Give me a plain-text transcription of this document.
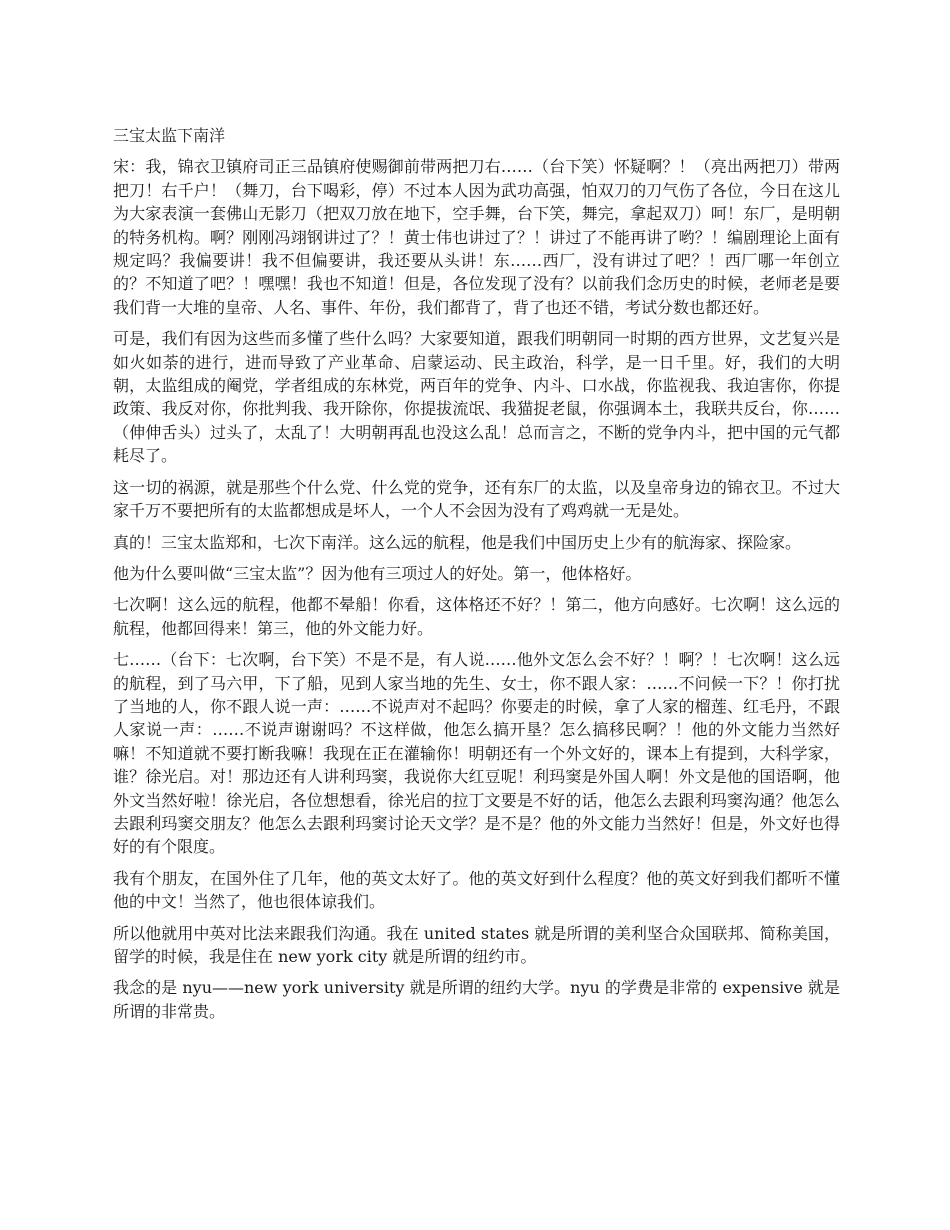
三宝太监下南洋

宋：我，锦衣卫镇府司正三品镇府使赐御前带两把刀右……（台下笑）怀疑啊？！（亮出两把刀）带两把刀！右千户！（舞刀，台下喝彩，停）不过本人因为武功高强，怕双刀的刀气伤了各位，今日在这儿为大家表演一套佛山无影刀（把双刀放在地下，空手舞，台下笑，舞完，拿起双刀）呵！东厂，是明朝的特务机构。啊？刚刚冯翊钢讲过了？！黄士伟也讲过了？！讲过了不能再讲了哟？！编剧理论上面有规定吗？我偏要讲！我不但偏要讲，我还要从头讲！东……西厂，没有讲过了吧？！西厂哪一年创立的？不知道了吧？！嘿嘿！我也不知道！但是，各位发现了没有？以前我们念历史的时候，老师老是要我们背一大堆的皇帝、人名、事件、年份，我们都背了，背了也还不错，考试分数也都还好。

可是，我们有因为这些而多懂了些什么吗？大家要知道，跟我们明朝同一时期的西方世界，文艺复兴是如火如荼的进行，进而导致了产业革命、启蒙运动、民主政治，科学，是一日千里。好，我们的大明朝，太监组成的阉党，学者组成的东林党，两百年的党争、内斗、口水战，你监视我、我迫害你，你提政策、我反对你，你批判我、我开除你，你提拔流氓、我猫捉老鼠，你强调本土，我联共反台，你……（伸伸舌头）过头了，太乱了！大明朝再乱也没这么乱！总而言之，不断的党争内斗，把中国的元气都耗尽了。

这一切的祸源，就是那些个什么党、什么党的党争，还有东厂的太监，以及皇帝身边的锦衣卫。不过大家千万不要把所有的太监都想成是坏人，一个人不会因为没有了鸡鸡就一无是处。

真的！三宝太监郑和，七次下南洋。这么远的航程，他是我们中国历史上少有的航海家、探险家。

他为什么要叫做“三宝太监”？因为他有三项过人的好处。第一，他体格好。

七次啊！这么远的航程，他都不晕船！你看，这体格还不好？！第二，他方向感好。七次啊！这么远的航程，他都回得来！第三，他的外文能力好。

七……（台下：七次啊，台下笑）不是不是，有人说……他外文怎么会不好？！啊？！七次啊！这么远的航程，到了马六甲，下了船，见到人家当地的先生、女士，你不跟人家：……不问候一下？！你打扰了当地的人，你不跟人说一声：……不说声对不起吗？你要走的时候，拿了人家的榴莲、红毛丹，不跟人家说一声：……不说声谢谢吗？不这样做，他怎么搞开垦？怎么搞移民啊？！他的外文能力当然好嘛！不知道就不要打断我嘛！我现在正在灌输你！明朝还有一个外文好的，课本上有提到，大科学家，谁？徐光启。对！那边还有人讲利玛窦，我说你大红豆呢！利玛窦是外国人啊！外文是他的国语啊，他外文当然好啦！徐光启，各位想想看，徐光启的拉丁文要是不好的话，他怎么去跟利玛窦沟通？他怎么去跟利玛窦交朋友？他怎么去跟利玛窦讨论天文学？是不是？他的外文能力当然好！但是，外文好也得好的有个限度。

我有个朋友，在国外住了几年，他的英文太好了。他的英文好到什么程度？他的英文好到我们都听不懂他的中文！当然了，他也很体谅我们。

所以他就用中英对比法来跟我们沟通。我在 united states 就是所谓的美利坚合众国联邦、简称美国，留学的时候，我是住在 new york city 就是所谓的纽约市。

我念的是 nyu——new york university 就是所谓的纽约大学。nyu 的学费是非常的 expensive 就是所谓的非常贵。
